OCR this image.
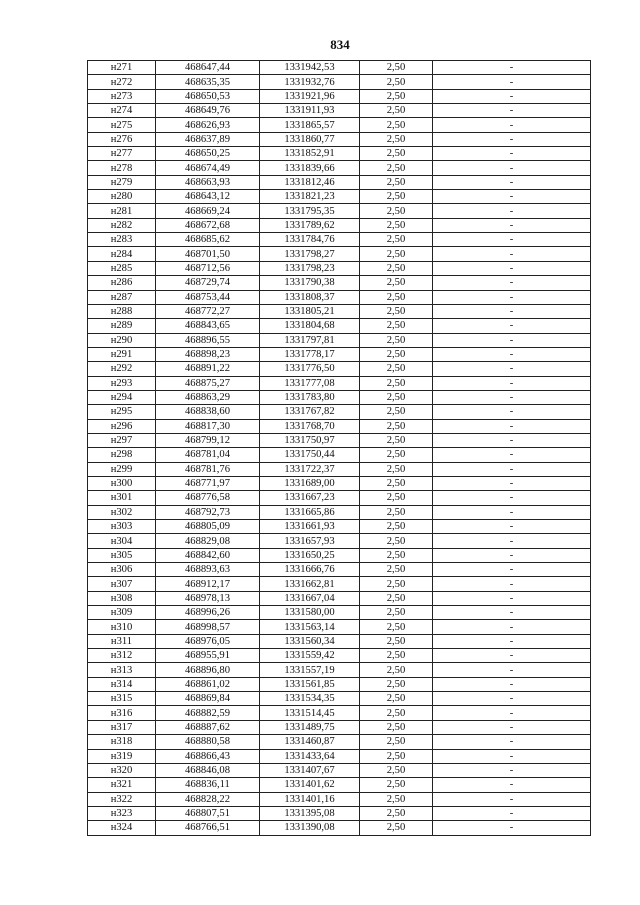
834
н271	468647,44	1331942,53	2,50	-
н272	468635,35	1331932,76	2,50	-
н273	468650,53	1331921,96	2,50	-
н274	468649,76	1331911,93	2,50	-
н275	468626,93	1331865,57	2,50	-
н276	468637,89	1331860,77	2,50	-
н277	468650,25	1331852,91	2,50	-
н278	468674,49	1331839,66	2,50	-
н279	468663,93	1331812,46	2,50	-
н280	468643,12	1331821,23	2,50	-
н281	468669,24	1331795,35	2,50	-
н282	468672,68	1331789,62	2,50	-
н283	468685,62	1331784,76	2,50	-
н284	468701,50	1331798,27	2,50	-
н285	468712,56	1331798,23	2,50	-
н286	468729,74	1331790,38	2,50	-
н287	468753,44	1331808,37	2,50	-
н288	468772,27	1331805,21	2,50	-
н289	468843,65	1331804,68	2,50	-
н290	468896,55	1331797,81	2,50	-
н291	468898,23	1331778,17	2,50	-
н292	468891,22	1331776,50	2,50	-
н293	468875,27	1331777,08	2,50	-
н294	468863,29	1331783,80	2,50	-
н295	468838,60	1331767,82	2,50	-
н296	468817,30	1331768,70	2,50	-
н297	468799,12	1331750,97	2,50	-
н298	468781,04	1331750,44	2,50	-
н299	468781,76	1331722,37	2,50	-
н300	468771,97	1331689,00	2,50	-
н301	468776,58	1331667,23	2,50	-
н302	468792,73	1331665,86	2,50	-
н303	468805,09	1331661,93	2,50	-
н304	468829,08	1331657,93	2,50	-
н305	468842,60	1331650,25	2,50	-
н306	468893,63	1331666,76	2,50	-
н307	468912,17	1331662,81	2,50	-
н308	468978,13	1331667,04	2,50	-
н309	468996,26	1331580,00	2,50	-
н310	468998,57	1331563,14	2,50	-
н311	468976,05	1331560,34	2,50	-
н312	468955,91	1331559,42	2,50	-
н313	468896,80	1331557,19	2,50	-
н314	468861,02	1331561,85	2,50	-
н315	468869,84	1331534,35	2,50	-
н316	468882,59	1331514,45	2,50	-
н317	468887,62	1331489,75	2,50	-
н318	468880,58	1331460,87	2,50	-
н319	468866,43	1331433,64	2,50	-
н320	468846,08	1331407,67	2,50	-
н321	468836,11	1331401,62	2,50	-
н322	468828,22	1331401,16	2,50	-
н323	468807,51	1331395,08	2,50	-
н324	468766,51	1331390,08	2,50	-
